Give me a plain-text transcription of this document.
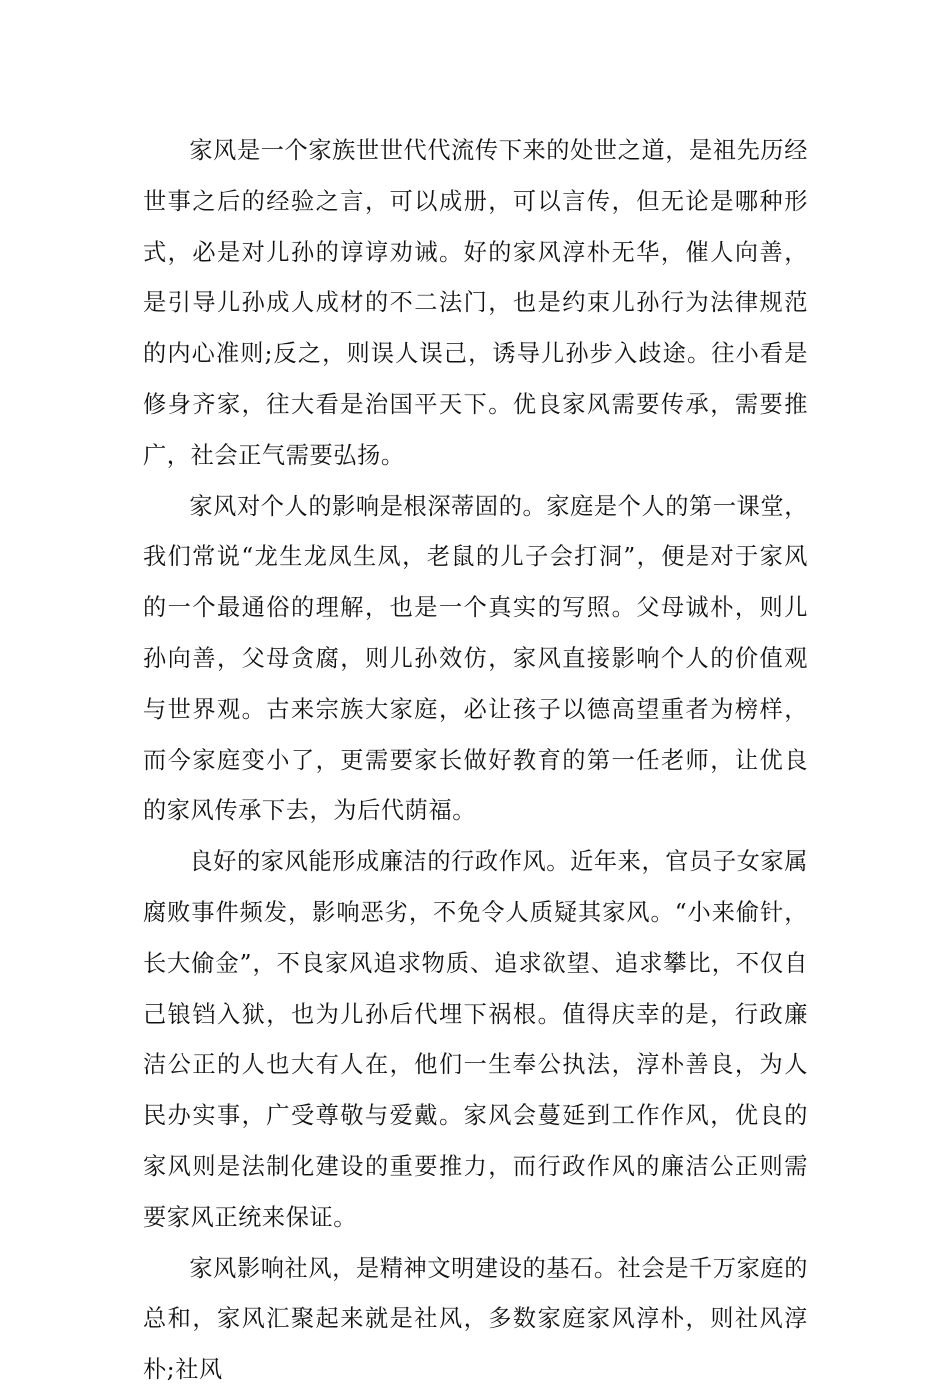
家风是一个家族世世代代流传下来的处世之道，是祖先历经世事之后的经验之言，可以成册，可以言传，但无论是哪种形式，必是对儿孙的谆谆劝诫。好的家风淳朴无华，催人向善，是引导儿孙成人成材的不二法门，也是约束儿孙行为法律规范的内心准则;反之，则误人误己，诱导儿孙步入歧途。往小看是修身齐家，往大看是治国平天下。优良家风需要传承，需要推广，社会正气需要弘扬。

家风对个人的影响是根深蒂固的。家庭是个人的第一课堂，我们常说“龙生龙凤生凤，老鼠的儿子会打洞”，便是对于家风的一个最通俗的理解，也是一个真实的写照。父母诚朴，则儿孙向善，父母贪腐，则儿孙效仿，家风直接影响个人的价值观与世界观。古来宗族大家庭，必让孩子以德高望重者为榜样，而今家庭变小了，更需要家长做好教育的第一任老师，让优良的家风传承下去，为后代荫福。

良好的家风能形成廉洁的行政作风。近年来，官员子女家属腐败事件频发，影响恶劣，不免令人质疑其家风。“小来偷针，长大偷金”，不良家风追求物质、追求欲望、追求攀比，不仅自己锒铛入狱，也为儿孙后代埋下祸根。值得庆幸的是，行政廉洁公正的人也大有人在，他们一生奉公执法，淳朴善良，为人民办实事，广受尊敬与爱戴。家风会蔓延到工作作风，优良的家风则是法制化建设的重要推力，而行政作风的廉洁公正则需要家风正统来保证。

家风影响社风，是精神文明建设的基石。社会是千万家庭的总和，家风汇聚起来就是社风，多数家庭家风淳朴，则社风淳朴;社风
